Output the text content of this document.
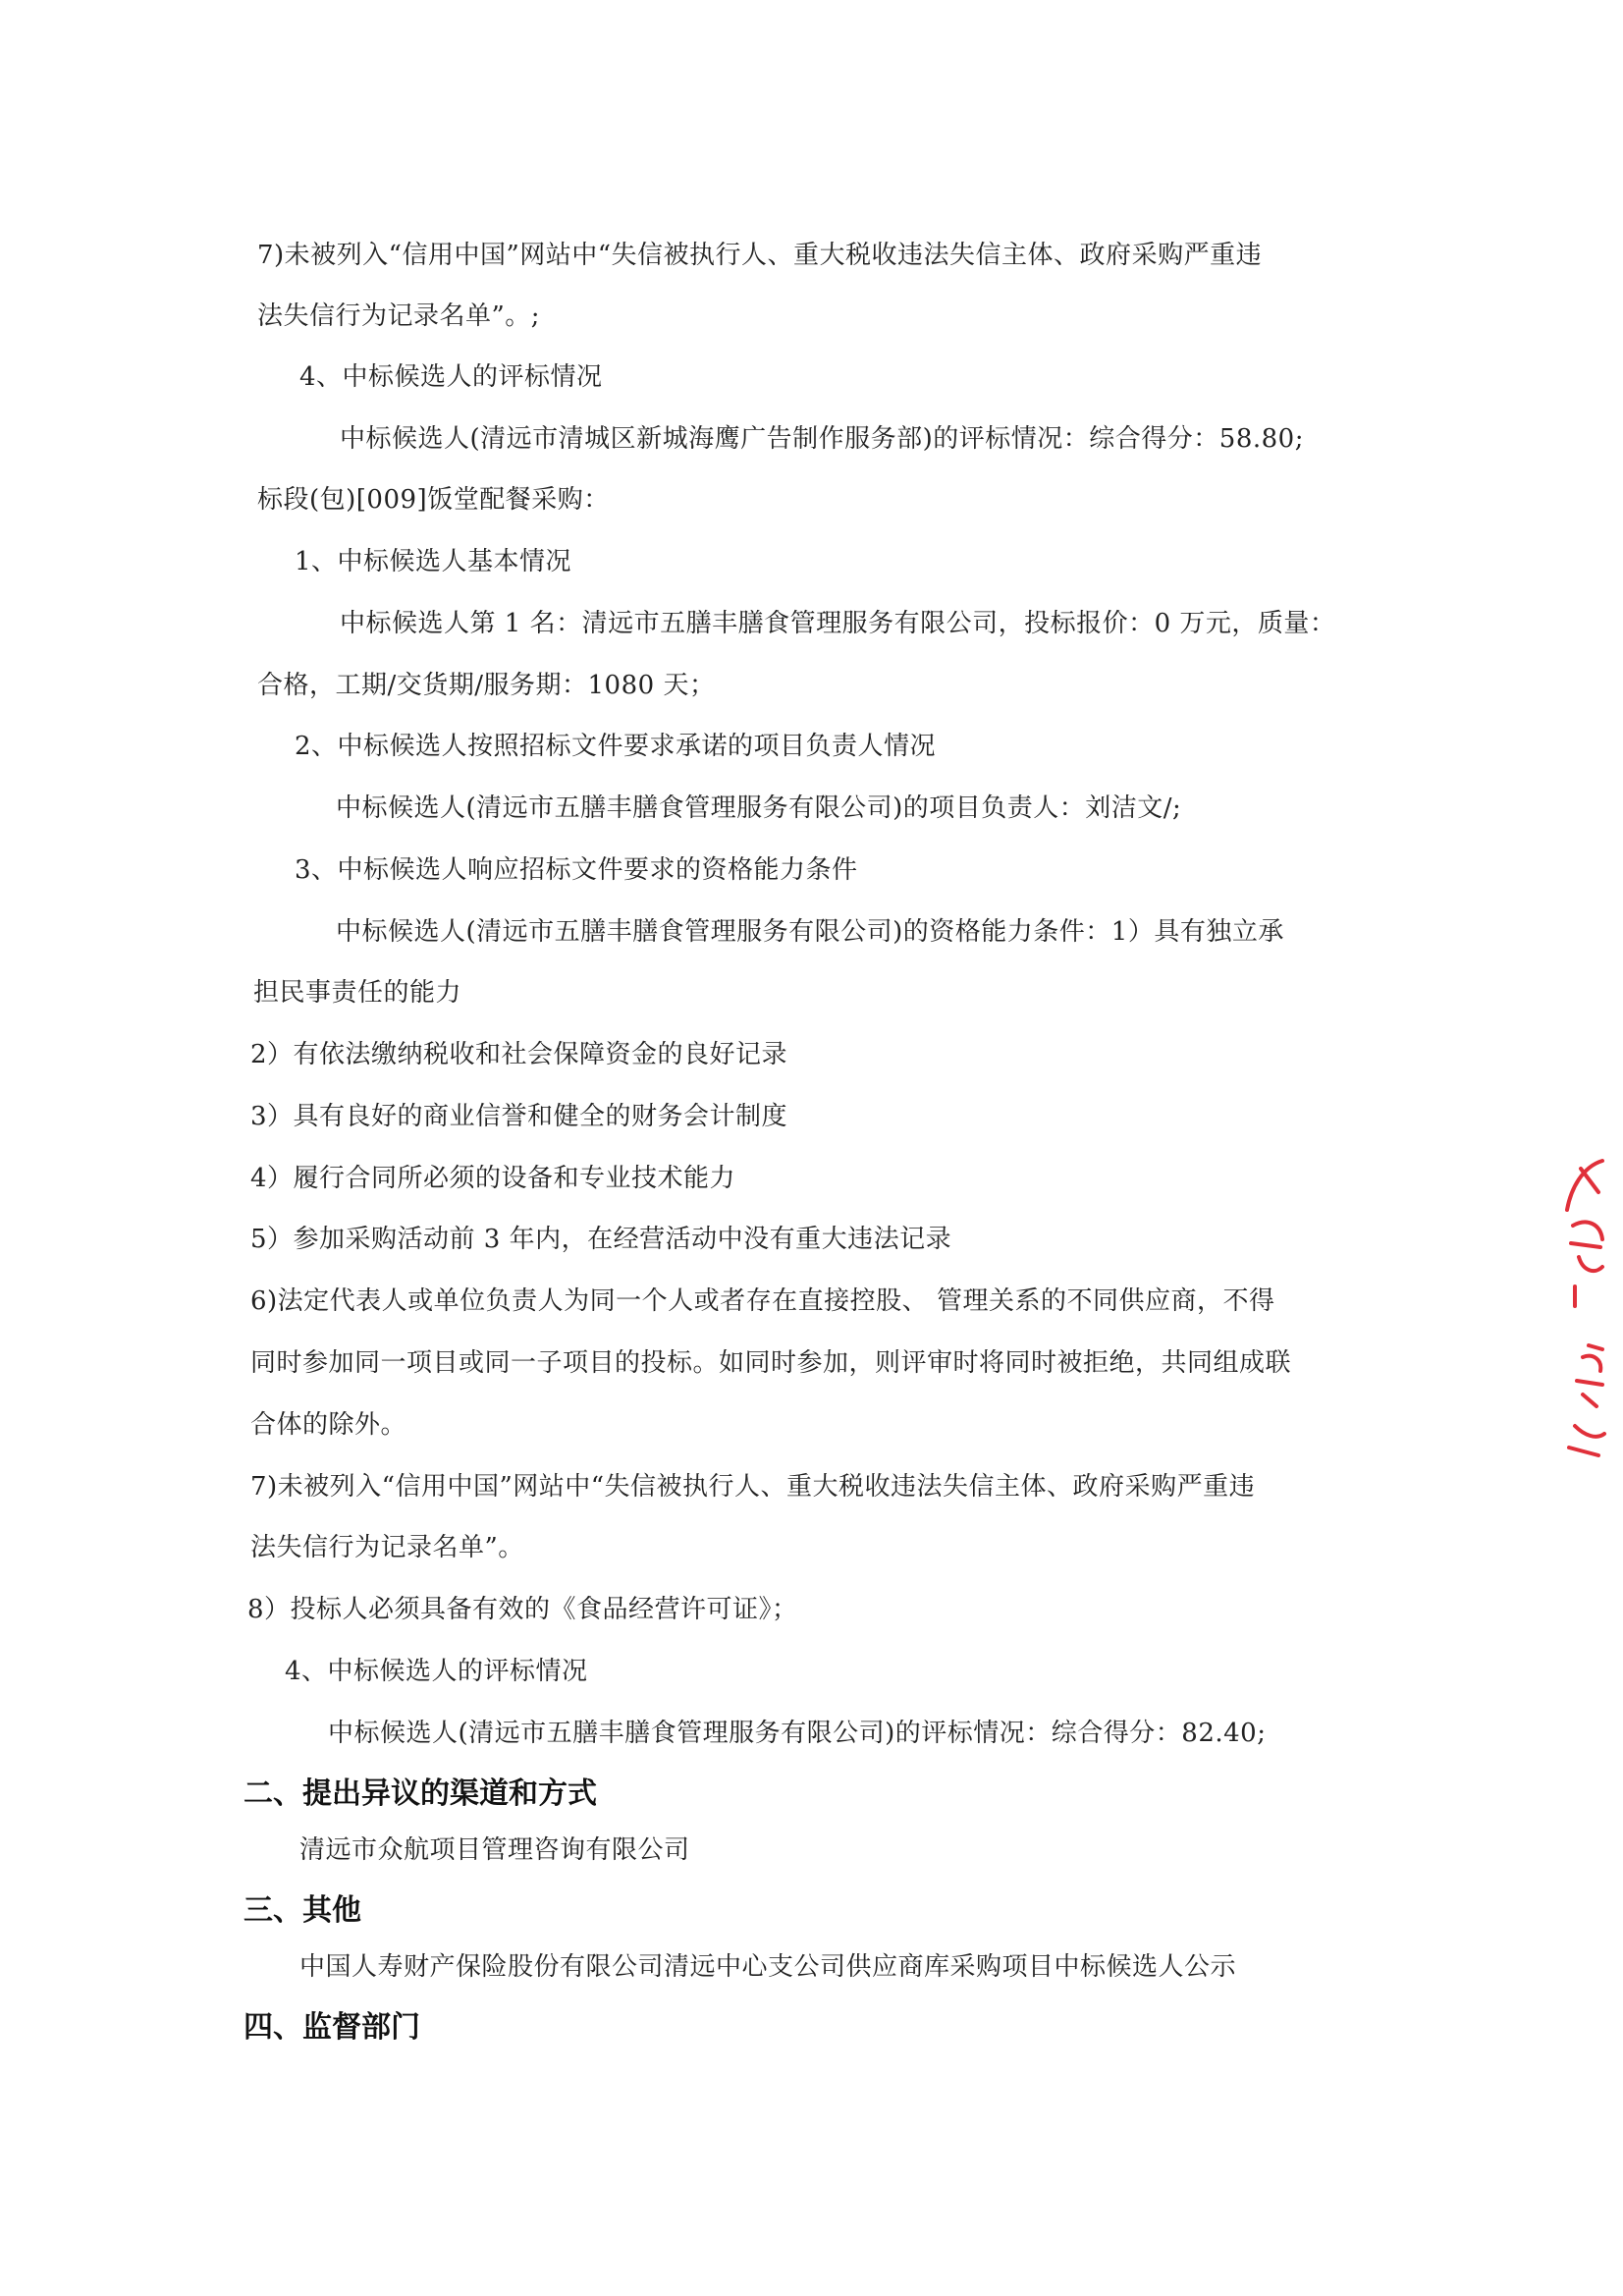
7)未被列入“信用中国”网站中“失信被执行人、重大税收违法失信主体、政府采购严重违

法失信行为记录名单”。;

4、中标候选人的评标情况

中标候选人(清远市清城区新城海鹰广告制作服务部)的评标情况：综合得分：58.80;

标段(包)[009]饭堂配餐采购：

1、中标候选人基本情况

中标候选人第 1 名：清远市五膳丰膳食管理服务有限公司，投标报价：0 万元，质量：

合格，工期/交货期/服务期：1080 天；

2、中标候选人按照招标文件要求承诺的项目负责人情况

中标候选人(清远市五膳丰膳食管理服务有限公司)的项目负责人：刘洁文/;

3、中标候选人响应招标文件要求的资格能力条件

中标候选人(清远市五膳丰膳食管理服务有限公司)的资格能力条件：1）具有独立承

担民事责任的能力

2）有依法缴纳税收和社会保障资金的良好记录

3）具有良好的商业信誉和健全的财务会计制度

4）履行合同所必须的设备和专业技术能力

5）参加采购活动前 3 年内，在经营活动中没有重大违法记录

6)法定代表人或单位负责人为同一个人或者存在直接控股、 管理关系的不同供应商，不得

同时参加同一项目或同一子项目的投标。如同时参加，则评审时将同时被拒绝，共同组成联

合体的除外。

7)未被列入“信用中国”网站中“失信被执行人、重大税收违法失信主体、政府采购严重违

法失信行为记录名单”。

8）投标人必须具备有效的《食品经营许可证》；

4、中标候选人的评标情况

中标候选人(清远市五膳丰膳食管理服务有限公司)的评标情况：综合得分：82.40;

二、提出异议的渠道和方式

清远市众航项目管理咨询有限公司

三、其他

中国人寿财产保险股份有限公司清远中心支公司供应商库采购项目中标候选人公示

四、监督部门
